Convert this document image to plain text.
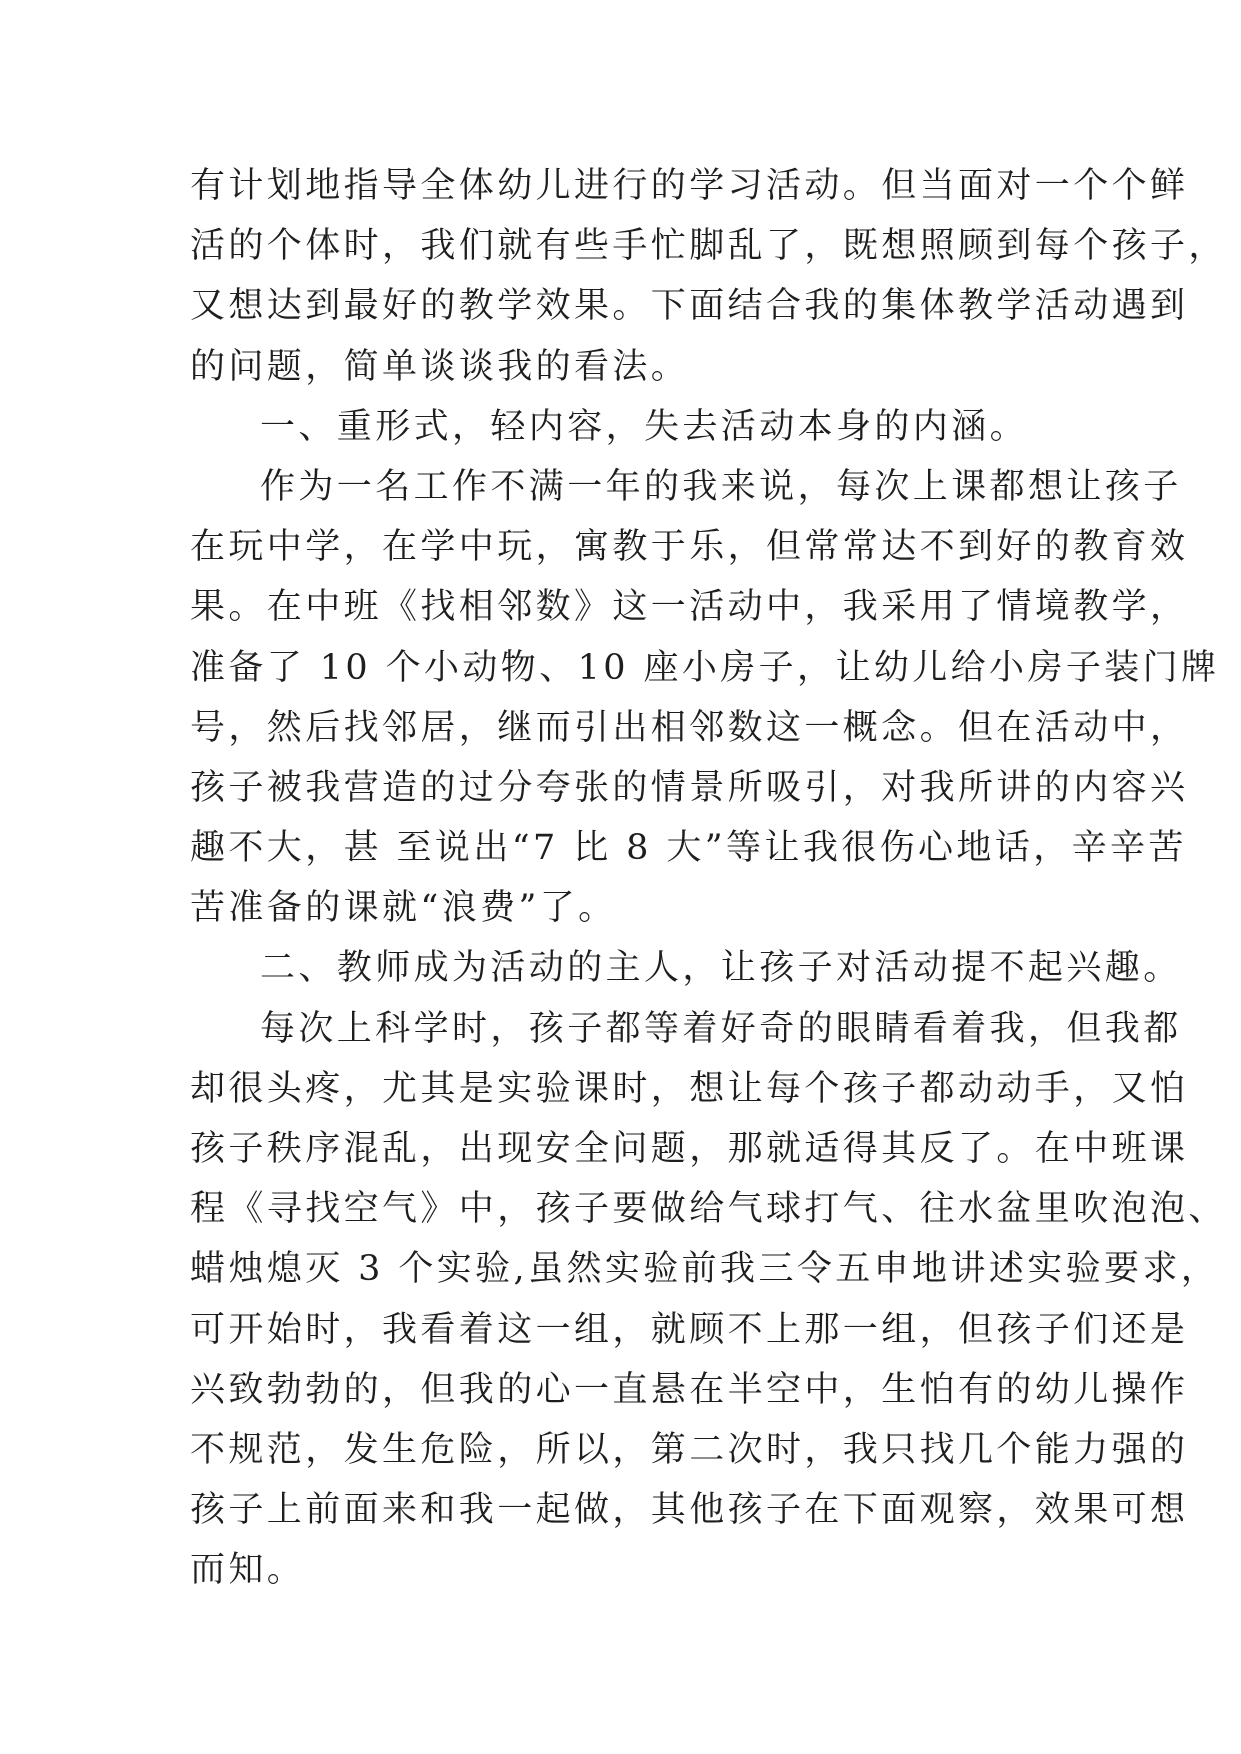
有计划地指导全体幼儿进行的学习活动。但当面对一个个鲜
活的个体时，我们就有些手忙脚乱了，既想照顾到每个孩子，
又想达到最好的教学效果。下面结合我的集体教学活动遇到
的问题，简单谈谈我的看法。
一、重形式，轻内容，失去活动本身的内涵。
作为一名工作不满一年的我来说，每次上课都想让孩子
在玩中学，在学中玩，寓教于乐，但常常达不到好的教育效
果。在中班《找相邻数》这一活动中，我采用了情境教学，
准备了 10 个小动物、10 座小房子，让幼儿给小房子装门牌
号，然后找邻居，继而引出相邻数这一概念。但在活动中，
孩子被我营造的过分夸张的情景所吸引，对我所讲的内容兴
趣不大，甚 至说出“7 比 8 大”等让我很伤心地话，辛辛苦
苦准备的课就“浪费”了。
二、教师成为活动的主人，让孩子对活动提不起兴趣。
每次上科学时，孩子都等着好奇的眼睛看着我，但我都
却很头疼，尤其是实验课时，想让每个孩子都动动手，又怕
孩子秩序混乱，出现安全问题，那就适得其反了。在中班课
程《寻找空气》中，孩子要做给气球打气、往水盆里吹泡泡、
蜡烛熄灭 3 个实验,虽然实验前我三令五申地讲述实验要求，
可开始时，我看着这一组，就顾不上那一组，但孩子们还是
兴致勃勃的，但我的心一直悬在半空中，生怕有的幼儿操作
不规范，发生危险，所以，第二次时，我只找几个能力强的
孩子上前面来和我一起做，其他孩子在下面观察，效果可想
而知。
